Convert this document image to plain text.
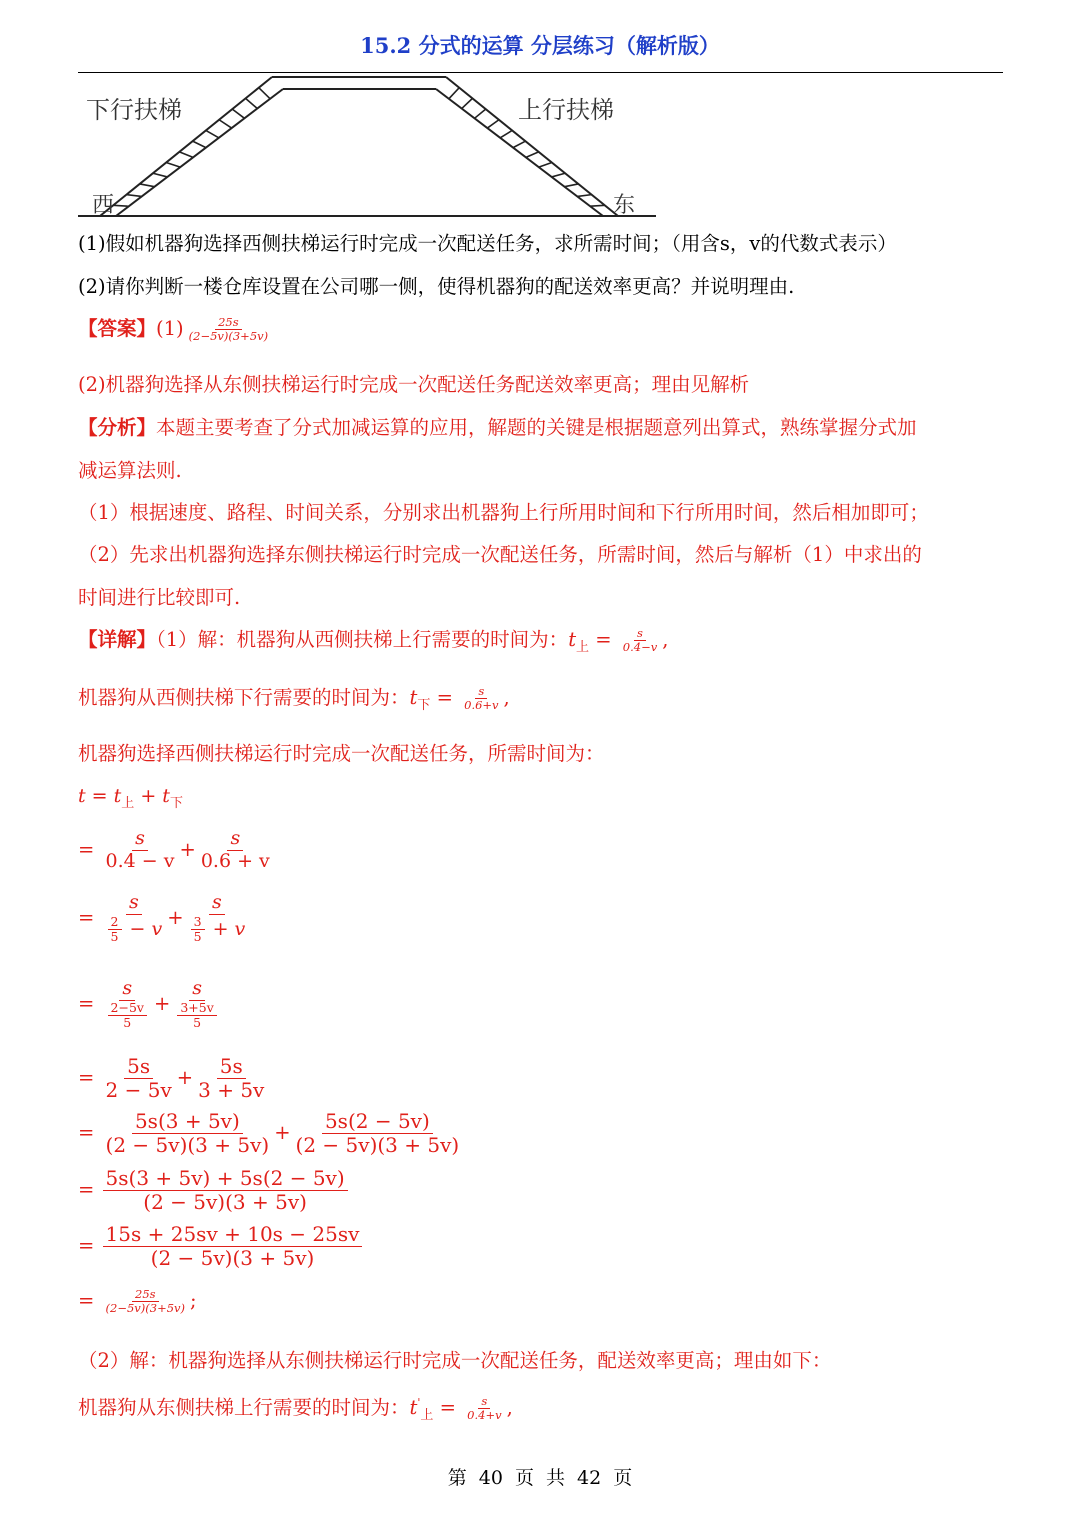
15.2 分式的运算 分层练习（解析版）
下行扶梯	上行扶梯
西	东
(1)假如机器狗选择西侧扶梯运行时完成一次配送任务，求所需时间；（用含s，v的代数式表示）
(2)请你判断一楼仓库设置在公司哪一侧，使得机器狗的配送效率更高？并说明理由.
【答案】$(1) \frac{25s}{(2-5v)(3+5v)}$
(2)机器狗选择从东侧扶梯运行时完成一次配送任务配送效率更高；理由见解析
【分析】本题主要考查了分式加减运算的应用，解题的关键是根据题意列出算式，熟练掌握分式加
减运算法则.
（1）根据速度、路程、时间关系，分别求出机器狗上行所用时间和下行所用时间，然后相加即可；
（2）先求出机器狗选择东侧扶梯运行时完成一次配送任务，所需时间，然后与解析（1）中求出的
时间进行比较即可.
【详解】（1）解：机器狗从西侧扶梯上行需要的时间为：$t_上 = \frac{s}{0.4-v}$ ,
机器狗从西侧扶梯下行需要的时间为：$t_下 = \frac{s}{0.6+v}$ ,
机器狗选择西侧扶梯运行时完成一次配送任务，所需时间为：
$t = t_上 + t_下$
= $\frac{s}{0.4 - v} + \frac{s}{0.6 + v}$
= $\frac{s}{\frac{2}{5} - v} + \frac{s}{\frac{3}{5} + v}$
= $\frac{s}{\frac{2-5v}{5}} + \frac{s}{\frac{3+5v}{5}}$
= $\frac{5s}{2 - 5v} + \frac{5s}{3 + 5v}$
= $\frac{5s(3 + 5v)}{(2 - 5v)(3 + 5v)} + \frac{5s(2 - 5v)}{(2 - 5v)(3 + 5v)}$
= $\frac{5s(3 + 5v) + 5s(2 - 5v)}{(2 - 5v)(3 + 5v)}$
= $\frac{15s + 25sv + 10s - 25sv}{(2 - 5v)(3 + 5v)}$
= $\frac{25s}{(2-5v)(3+5v)}$ ;
（2）解：机器狗选择从东侧扶梯运行时完成一次配送任务，配送效率更高；理由如下：
机器狗从东侧扶梯上行需要的时间为：$t'_上 = \frac{s}{0.4+v}$ ,
第 40 页 共 42 页
